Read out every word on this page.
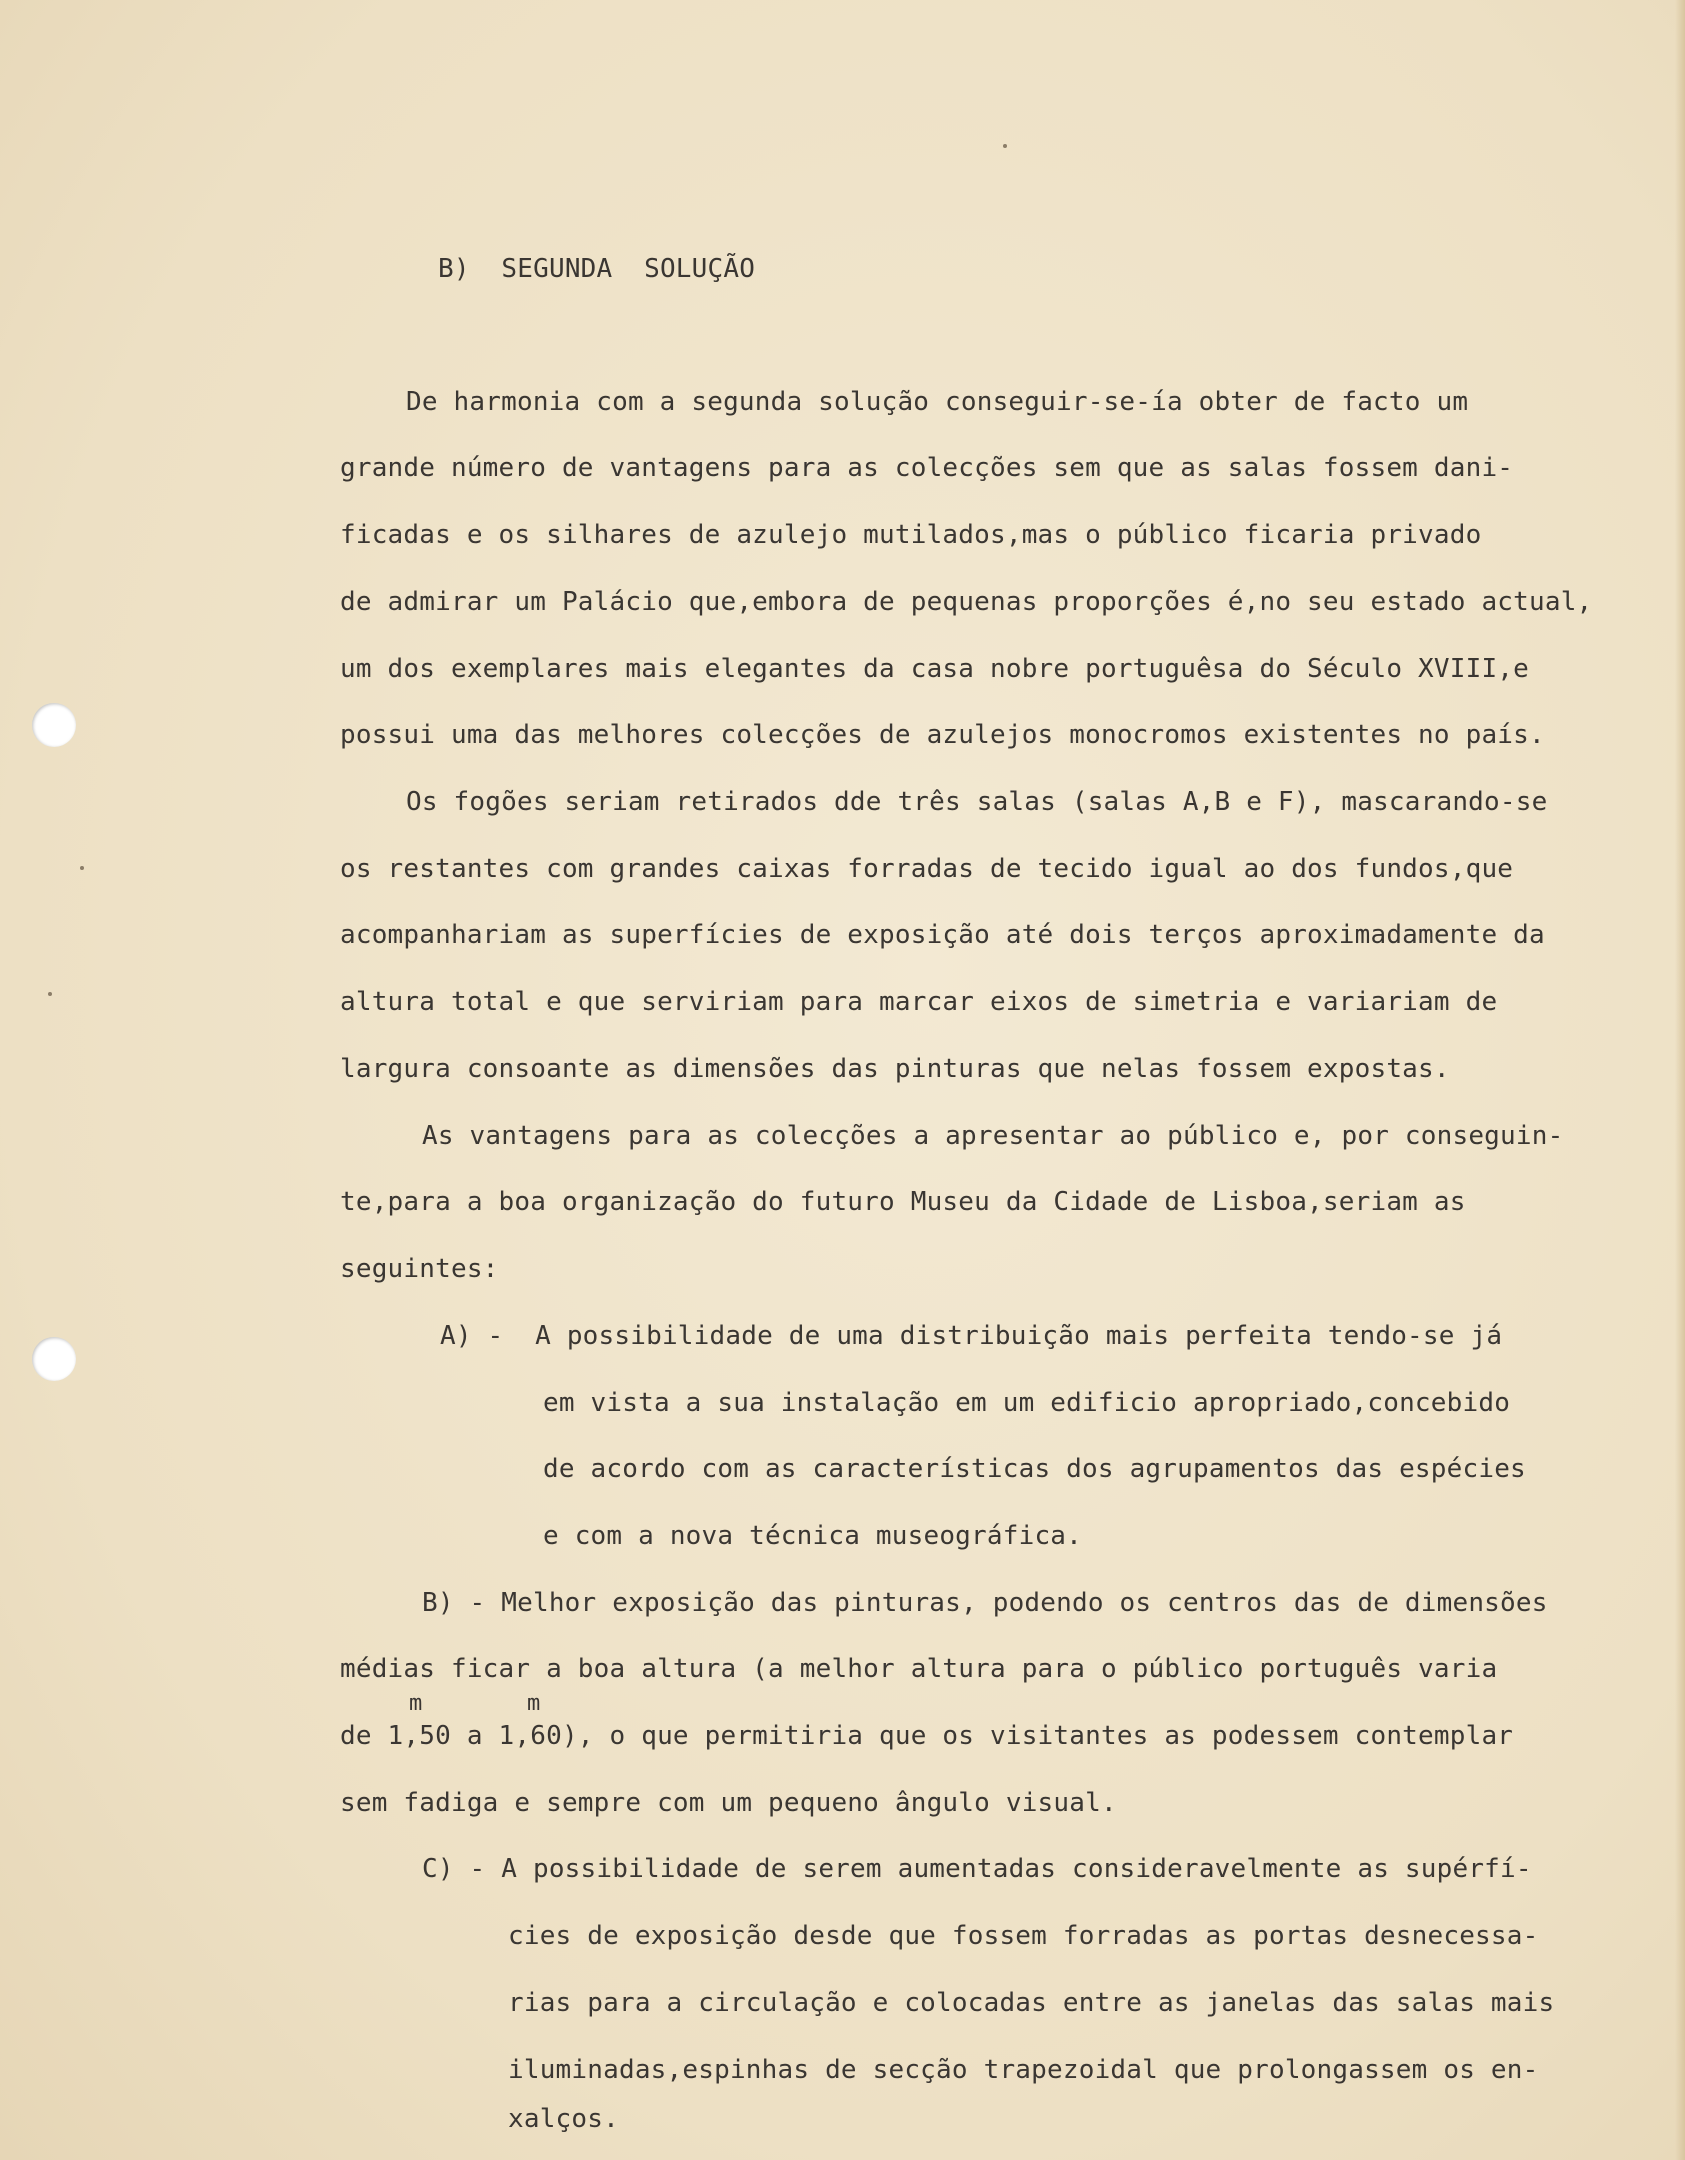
B)  SEGUNDA  SOLUÇÃO
De harmonia com a segunda solução conseguir-se-ía obter de facto um
grande número de vantagens para as colecções sem que as salas fossem dani-
ficadas e os silhares de azulejo mutilados,mas o público ficaria privado
de admirar um Palácio que,embora de pequenas proporções é,no seu estado actual,
um dos exemplares mais elegantes da casa nobre portuguêsa do Século XVIII,e
possui uma das melhores colecções de azulejos monocromos existentes no país.
Os fogões seriam retirados dde três salas (salas A,B e F), mascarando-se
os restantes com grandes caixas forradas de tecido igual ao dos fundos,que
acompanhariam as superfícies de exposição até dois terços aproximadamente da
altura total e que serviriam para marcar eixos de simetria e variariam de
largura consoante as dimensões das pinturas que nelas fossem expostas.
As vantagens para as colecções a apresentar ao público e, por conseguin-
te,para a boa organização do futuro Museu da Cidade de Lisboa,seriam as
seguintes:
A) -  A possibilidade de uma distribuição mais perfeita tendo-se já
em vista a sua instalação em um edificio apropriado,concebido
de acordo com as características dos agrupamentos das espécies
e com a nova técnica museográfica.
B) - Melhor exposição das pinturas, podendo os centros das de dimensões
médias ficar a boa altura (a melhor altura para o público português varia
m	m
de 1,50 a 1,60), o que permitiria que os visitantes as podessem contemplar
sem fadiga e sempre com um pequeno ângulo visual.
C) - A possibilidade de serem aumentadas consideravelmente as supérfí-
cies de exposição desde que fossem forradas as portas desnecessa-
rias para a circulação e colocadas entre as janelas das salas mais
iluminadas,espinhas de secção trapezoidal que prolongassem os en-
xalços.
